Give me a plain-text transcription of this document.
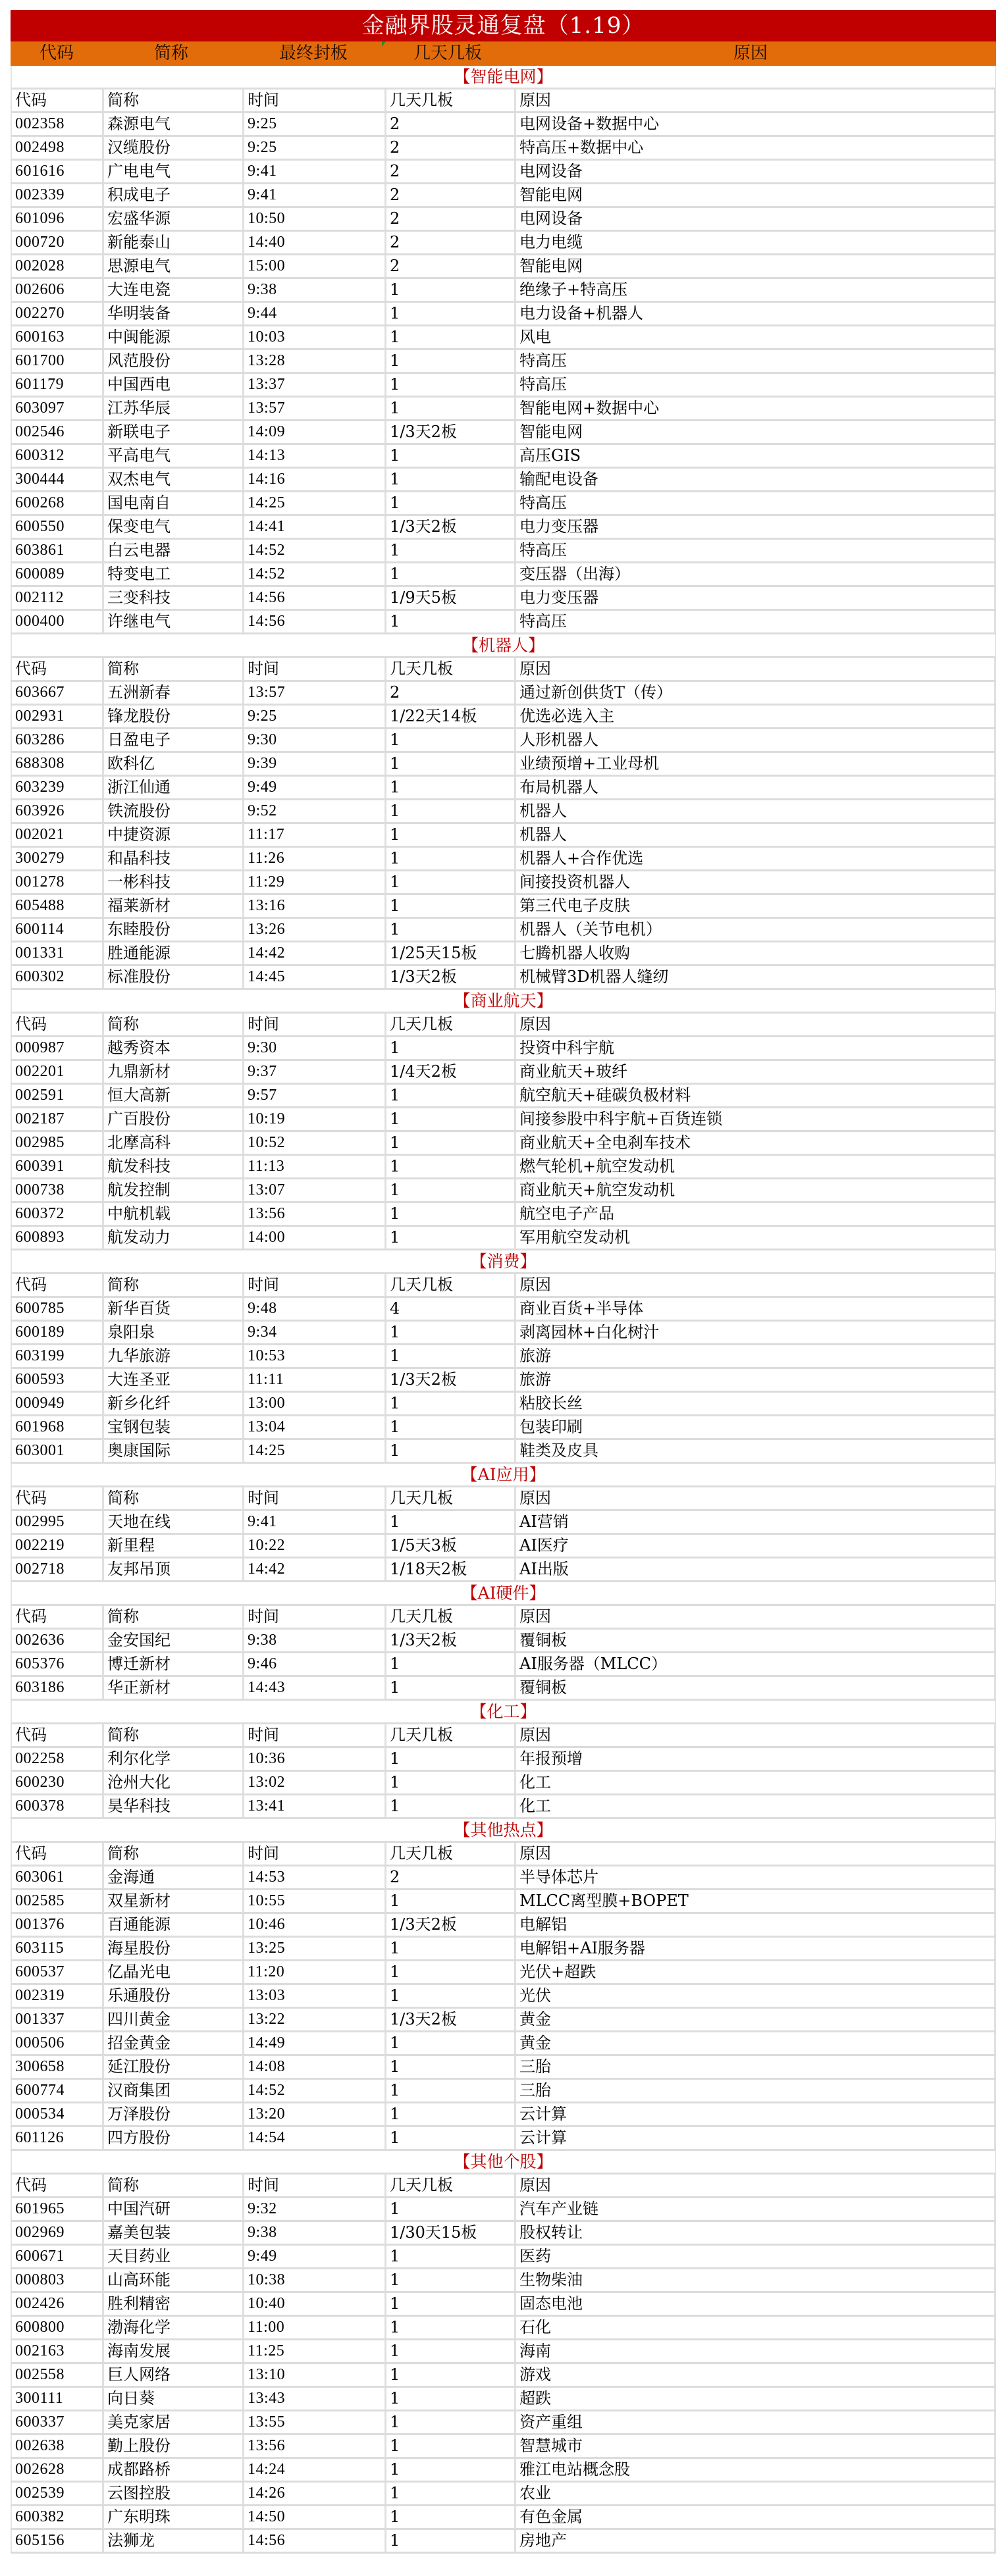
金融界股灵通复盘（1.19）
代码	简称	最终封板	几天几板	原因
【智能电网】
代码	简称	时间	几天几板	原因
002358	森源电气	9:25	2	电网设备+数据中心
002498	汉缆股份	9:25	2	特高压+数据中心
601616	广电电气	9:41	2	电网设备
002339	积成电子	9:41	2	智能电网
601096	宏盛华源	10:50	2	电网设备
000720	新能泰山	14:40	2	电力电缆
002028	思源电气	15:00	2	智能电网
002606	大连电瓷	9:38	1	绝缘子+特高压
002270	华明装备	9:44	1	电力设备+机器人
600163	中闽能源	10:03	1	风电
601700	风范股份	13:28	1	特高压
601179	中国西电	13:37	1	特高压
603097	江苏华辰	13:57	1	智能电网+数据中心
002546	新联电子	14:09	1/3天2板	智能电网
600312	平高电气	14:13	1	高压GIS
300444	双杰电气	14:16	1	输配电设备
600268	国电南自	14:25	1	特高压
600550	保变电气	14:41	1/3天2板	电力变压器
603861	白云电器	14:52	1	特高压
600089	特变电工	14:52	1	变压器（出海）
002112	三变科技	14:56	1/9天5板	电力变压器
000400	许继电气	14:56	1	特高压
【机器人】
代码	简称	时间	几天几板	原因
603667	五洲新春	13:57	2	通过新创供货T（传）
002931	锋龙股份	9:25	1/22天14板	优选必选入主
603286	日盈电子	9:30	1	人形机器人
688308	欧科亿	9:39	1	业绩预增+工业母机
603239	浙江仙通	9:49	1	布局机器人
603926	铁流股份	9:52	1	机器人
002021	中捷资源	11:17	1	机器人
300279	和晶科技	11:26	1	机器人+合作优选
001278	一彬科技	11:29	1	间接投资机器人
605488	福莱新材	13:16	1	第三代电子皮肤
600114	东睦股份	13:26	1	机器人（关节电机）
001331	胜通能源	14:42	1/25天15板	七腾机器人收购
600302	标准股份	14:45	1/3天2板	机械臂3D机器人缝纫
【商业航天】
代码	简称	时间	几天几板	原因
000987	越秀资本	9:30	1	投资中科宇航
002201	九鼎新材	9:37	1/4天2板	商业航天+玻纤
002591	恒大高新	9:57	1	航空航天+硅碳负极材料
002187	广百股份	10:19	1	间接参股中科宇航+百货连锁
002985	北摩高科	10:52	1	商业航天+全电刹车技术
600391	航发科技	11:13	1	燃气轮机+航空发动机
000738	航发控制	13:07	1	商业航天+航空发动机
600372	中航机载	13:56	1	航空电子产品
600893	航发动力	14:00	1	军用航空发动机
【消费】
代码	简称	时间	几天几板	原因
600785	新华百货	9:48	4	商业百货+半导体
600189	泉阳泉	9:34	1	剥离园林+白化树汁
603199	九华旅游	10:53	1	旅游
600593	大连圣亚	11:11	1/3天2板	旅游
000949	新乡化纤	13:00	1	粘胶长丝
601968	宝钢包装	13:04	1	包装印刷
603001	奥康国际	14:25	1	鞋类及皮具
【AI应用】
代码	简称	时间	几天几板	原因
002995	天地在线	9:41	1	AI营销
002219	新里程	10:22	1/5天3板	AI医疗
002718	友邦吊顶	14:42	1/18天2板	AI出版
【AI硬件】
代码	简称	时间	几天几板	原因
002636	金安国纪	9:38	1/3天2板	覆铜板
605376	博迁新材	9:46	1	AI服务器（MLCC）
603186	华正新材	14:43	1	覆铜板
【化工】
代码	简称	时间	几天几板	原因
002258	利尔化学	10:36	1	年报预增
600230	沧州大化	13:02	1	化工
600378	昊华科技	13:41	1	化工
【其他热点】
代码	简称	时间	几天几板	原因
603061	金海通	14:53	2	半导体芯片
002585	双星新材	10:55	1	MLCC离型膜+BOPET
001376	百通能源	10:46	1/3天2板	电解铝
603115	海星股份	13:25	1	电解铝+AI服务器
600537	亿晶光电	11:20	1	光伏+超跌
002319	乐通股份	13:03	1	光伏
001337	四川黄金	13:22	1/3天2板	黄金
000506	招金黄金	14:49	1	黄金
300658	延江股份	14:08	1	三胎
600774	汉商集团	14:52	1	三胎
000534	万泽股份	13:20	1	云计算
601126	四方股份	14:54	1	云计算
【其他个股】
代码	简称	时间	几天几板	原因
601965	中国汽研	9:32	1	汽车产业链
002969	嘉美包装	9:38	1/30天15板	股权转让
600671	天目药业	9:49	1	医药
000803	山高环能	10:38	1	生物柴油
002426	胜利精密	10:40	1	固态电池
600800	渤海化学	11:00	1	石化
002163	海南发展	11:25	1	海南
002558	巨人网络	13:10	1	游戏
300111	向日葵	13:43	1	超跌
600337	美克家居	13:55	1	资产重组
002638	勤上股份	13:56	1	智慧城市
002628	成都路桥	14:24	1	雅江电站概念股
002539	云图控股	14:26	1	农业
600382	广东明珠	14:50	1	有色金属
605156	法狮龙	14:56	1	房地产
